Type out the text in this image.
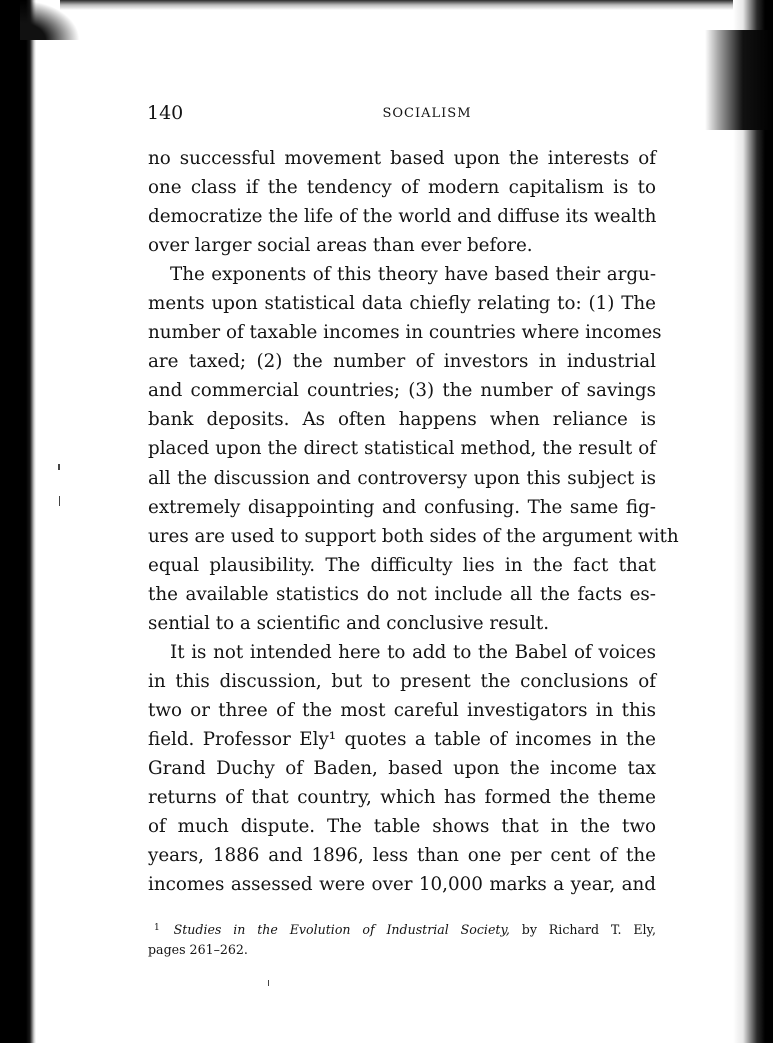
140	SOCIALISM
no successful movement based upon the interests of
one class if the tendency of modern capitalism is to
democratize the life of the world and diffuse its wealth
over larger social areas than ever before.
The exponents of this theory have based their argu-
ments upon statistical data chiefly relating to: (1) The
number of taxable incomes in countries where incomes
are taxed; (2) the number of investors in industrial
and commercial countries; (3) the number of savings
bank deposits. As often happens when reliance is
placed upon the direct statistical method, the result of
all the discussion and controversy upon this subject is
extremely disappointing and confusing. The same fig-
ures are used to support both sides of the argument with
equal plausibility. The difficulty lies in the fact that
the available statistics do not include all the facts es-
sential to a scientific and conclusive result.
It is not intended here to add to the Babel of voices
in this discussion, but to present the conclusions of
two or three of the most careful investigators in this
field. Professor Ely¹ quotes a table of incomes in the
Grand Duchy of Baden, based upon the income tax
returns of that country, which has formed the theme
of much dispute. The table shows that in the two
years, 1886 and 1896, less than one per cent of the
incomes assessed were over 10,000 marks a year, and
$^1$ Studies in the Evolution of Industrial Society, by Richard T. Ely,
pages 261–262.
